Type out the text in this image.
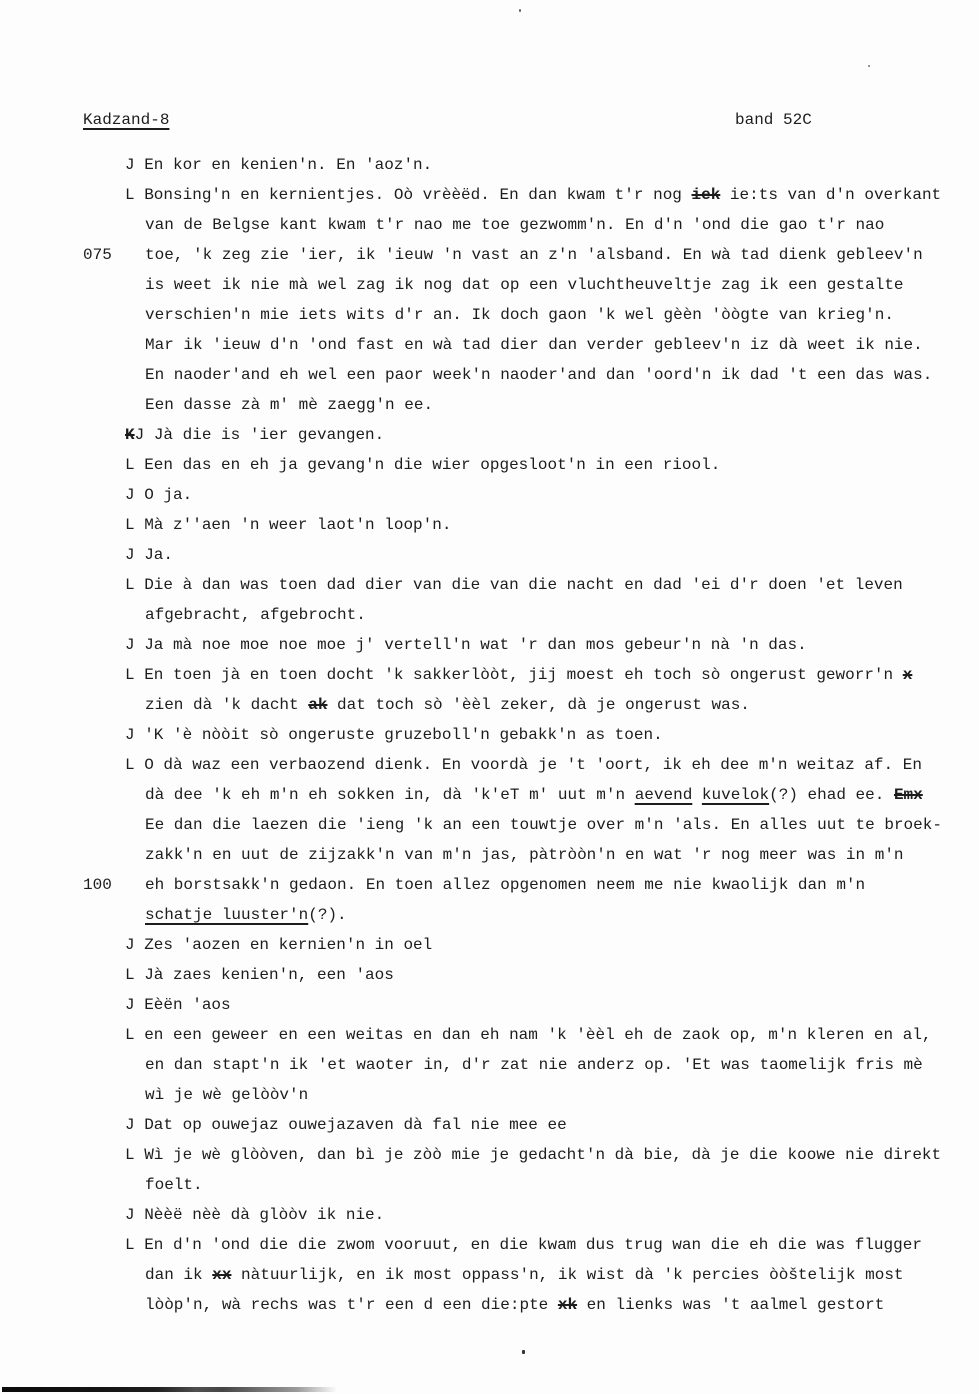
Kadzand-8	band 52C
J En kor en kenien'n. En 'aoz'n.
L Bonsing'n en kernientjes. Oò vrèèëd. En dan kwam t'r nog iek ie:ts van d'n overkant
van de Belgse kant kwam t'r nao me toe gezwomm'n. En d'n 'ond die gao t'r nao
075 toe, 'k zeg zie 'ier, ik 'ieuw 'n vast an z'n 'alsband. En wà tad dienk gebleev'n
is weet ik nie mà wel zag ik nog dat op een vluchtheuveltje zag ik een gestalte
verschien'n mie iets wits d'r an. Ik doch gaon 'k wel gèèn 'òògte van krieg'n.
Mar ik 'ieuw d'n 'ond fast en wà tad dier dan verder gebleev'n iz dà weet ik nie.
En naoder'and eh wel een paor week'n naoder'and dan 'oord'n ik dad 't een das was.
Een dasse zà m' mè zaegg'n ee.
KJ Jà die is 'ier gevangen.
L Een das en eh ja gevang'n die wier opgesloot'n in een riool.
J O ja.
L Mà z''aen 'n weer laot'n loop'n.
J Ja.
L Die à dan was toen dad dier van die van die nacht en dad 'ei d'r doen 'et leven
afgebracht, afgebrocht.
J Ja mà noe moe noe moe j' vertell'n wat 'r dan mos gebeur'n nà 'n das.
L En toen jà en toen docht 'k sakkerlòòt, jij moest eh toch sò ongerust geworr'n x
zien dà 'k dacht ak dat toch sò 'èèl zeker, dà je ongerust was.
J 'K 'è nòòit sò ongeruste gruzeboll'n gebakk'n as toen.
L O dà waz een verbaozend dienk. En voordà je 't 'oort, ik eh dee m'n weitaz af. En
dà dee 'k eh m'n eh sokken in, dà 'k'eT m' uut m'n aevend kuvelok(?) ehad ee. Emx
Ee dan die laezen die 'ieng 'k an een touwtje over m'n 'als. En alles uut te broek-
zakk'n en uut de zijzakk'n van m'n jas, pàtròòn'n en wat 'r nog meer was in m'n
100 eh borstsakk'n gedaon. En toen allez opgenomen neem me nie kwaolijk dan m'n
schatje luuster'n(?).
J Zes 'aozen en kernien'n in oel
L Jà zaes kenien'n, een 'aos
J Eèën 'aos
L en een geweer en een weitas en dan eh nam 'k 'èèl eh de zaok op, m'n kleren en al,
en dan stapt'n ik 'et waoter in, d'r zat nie anderz op. 'Et was taomelijk fris mè
wì je wè gelòòv'n
J Dat op ouwejaz ouwejazaven dà fal nie mee ee
L Wì je wè glòòven, dan bì je zòò mie je gedacht'n dà bie, dà je die koowe nie direkt
foelt.
J Nèèë nèè dà glòòv ik nie.
L En d'n 'ond die die zwom vooruut, en die kwam dus trug wan die eh die was flugger
dan ik xx nàtuurlijk, en ik most oppass'n, ik wist dà 'k percies òòštelijk most
lòòp'n, wà rechs was t'r een d een die:pte xk en lienks was 't aalmel gestort
